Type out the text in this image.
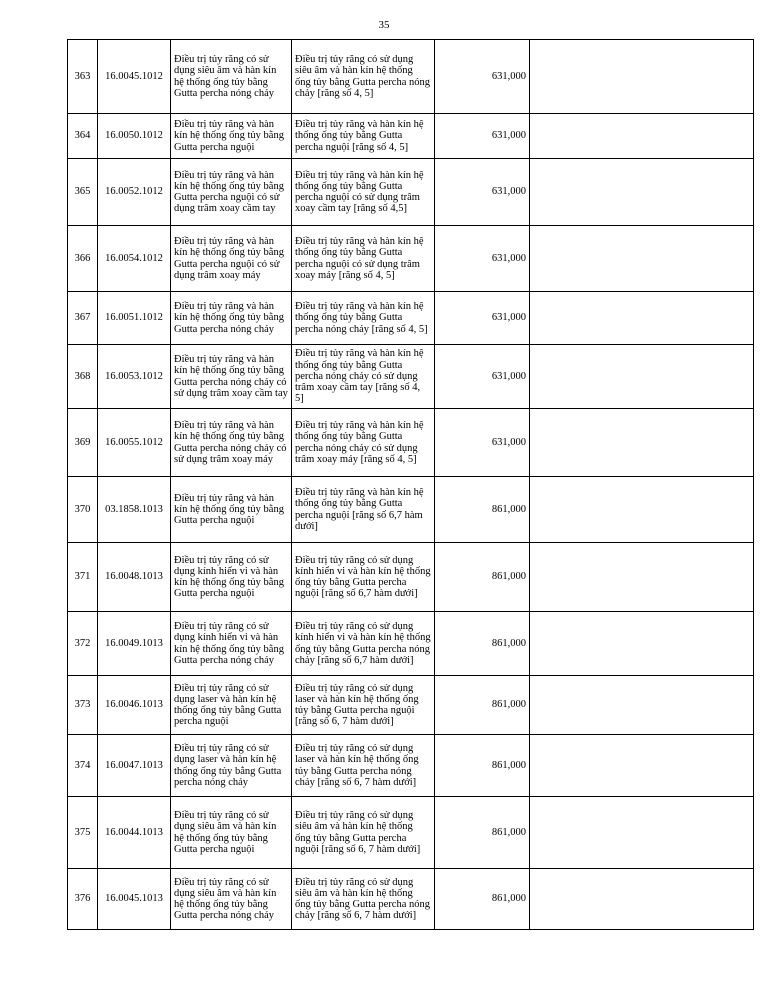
35
363	16.0045.1012	Điều trị tủy răng có sử dụng siêu âm và hàn kín hệ thống ống tủy bằng Gutta percha nóng chảy	Điều trị tủy răng có sử dụng siêu âm và hàn kín hệ thống ống tủy bằng Gutta percha nóng chảy [răng số 4, 5]	631,000	
364	16.0050.1012	Điều trị tủy răng và hàn kín hệ thống ống tủy bằng Gutta percha nguội	Điều trị tủy răng và hàn kín hệ thống ống tủy bằng Gutta percha nguội [răng số 4, 5]	631,000	
365	16.0052.1012	Điều trị tủy răng và hàn kín hệ thống ống tủy bằng Gutta percha nguội có sử dụng trâm xoay cầm tay	Điều trị tủy răng và hàn kín hệ thống ống tủy bằng Gutta percha nguội có sử dụng trâm xoay cầm tay [răng số 4,5]	631,000	
366	16.0054.1012	Điều trị tủy răng và hàn kín hệ thống ống tủy bằng Gutta percha nguội có sử dụng trâm xoay máy	Điều trị tủy răng và hàn kín hệ thống ống tủy bằng Gutta percha nguội có sử dụng trâm xoay máy [răng số 4, 5]	631,000	
367	16.0051.1012	Điều trị tủy răng và hàn kín hệ thống ống tủy bằng Gutta percha nóng chảy	Điều trị tủy răng và hàn kín hệ thống ống tủy bằng Gutta percha nóng chảy [răng số 4, 5]	631,000	
368	16.0053.1012	Điều trị tủy răng và hàn kín hệ thống ống tủy bằng Gutta percha nóng chảy có sử dụng trâm xoay cầm tay	Điều trị tủy răng và hàn kín hệ thống ống tủy bằng Gutta percha nóng chảy có sử dụng trâm xoay cầm tay [răng số 4, 5]	631,000	
369	16.0055.1012	Điều trị tủy răng và hàn kín hệ thống ống tủy bằng Gutta percha nóng chảy có sử dụng trâm xoay máy	Điều trị tủy răng và hàn kín hệ thống ống tủy bằng Gutta percha nóng chảy có sử dụng trâm xoay máy [răng số 4, 5]	631,000	
370	03.1858.1013	Điều trị tủy răng và hàn kín hệ thống ống tủy bằng Gutta percha nguội	Điều trị tủy răng và hàn kín hệ thống ống tủy bằng Gutta percha nguội [răng số 6,7 hàm dưới]	861,000	
371	16.0048.1013	Điều trị tủy răng có sử dụng kính hiển vi và hàn kín hệ thống ống tủy bằng Gutta percha nguội	Điều trị tủy răng có sử dụng kính hiển vi và hàn kín hệ thống ống tủy bằng Gutta percha nguội [răng số 6,7 hàm dưới]	861,000	
372	16.0049.1013	Điều trị tủy răng có sử dụng kính hiển vi và hàn kín hệ thống ống tủy bằng Gutta percha nóng chảy	Điều trị tủy răng có sử dụng kính hiển vi và hàn kín hệ thống ống tủy bằng Gutta percha nóng chảy [răng số 6,7 hàm dưới]	861,000	
373	16.0046.1013	Điều trị tủy răng có sử dụng laser và hàn kín hệ thống ống tủy bằng Gutta percha nguội	Điều trị tủy răng có sử dụng laser và hàn kín hệ thống ống tủy bằng Gutta percha nguội [răng số 6, 7 hàm dưới]	861,000	
374	16.0047.1013	Điều trị tủy răng có sử dụng laser và hàn kín hệ thống ống tủy bằng Gutta percha nóng chảy	Điều trị tủy răng có sử dụng laser và hàn kín hệ thống ống tủy bằng Gutta percha nóng chảy [răng số 6, 7 hàm dưới]	861,000	
375	16.0044.1013	Điều trị tủy răng có sử dụng siêu âm và hàn kín hệ thống ống tủy bằng Gutta percha nguội	Điều trị tủy răng có sử dụng siêu âm và hàn kín hệ thống ống tủy bằng Gutta percha nguội [răng số 6, 7 hàm dưới]	861,000	
376	16.0045.1013	Điều trị tủy răng có sử dụng siêu âm và hàn kín hệ thống ống tủy bằng Gutta percha nóng chảy	Điều trị tủy răng có sử dụng siêu âm và hàn kín hệ thống ống tủy bằng Gutta percha nóng chảy [răng số 6, 7 hàm dưới]	861,000	
